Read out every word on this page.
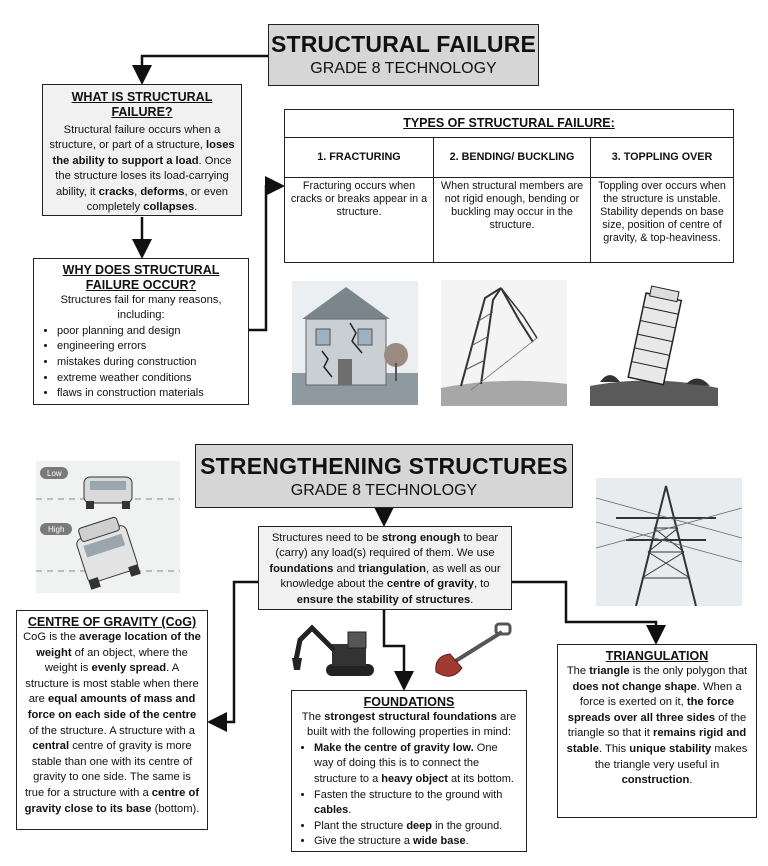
STRUCTURAL FAILURE
GRADE 8 TECHNOLOGY
WHAT IS STRUCTURAL FAILURE?
Structural failure occurs when a structure, or part of a structure, loses the ability to support a load. Once the structure loses its load-carrying ability, it cracks, deforms, or even completely collapses.
WHY DOES STRUCTURAL FAILURE OCCUR?
Structures fail for many reasons, including:
• poor planning and design
• engineering errors
• mistakes during construction
• extreme weather conditions
• flaws in construction materials
TYPES OF STRUCTURAL FAILURE:		
1. FRACTURING	2. BENDING/ BUCKLING	3. TOPPLING OVER
Fracturing occurs when cracks or breaks appear in a structure.	When structural members are not rigid enough, bending or buckling may occur in the structure.	Toppling over occurs when the structure is unstable. Stability depends on base size, position of centre of gravity, & top-heaviness.
STRENGTHENING STRUCTURES
GRADE 8 TECHNOLOGY
Low
High
Structures need to be strong enough to bear (carry) any load(s) required of them. We use foundations and triangulation, as well as our knowledge about the centre of gravity, to ensure the stability of structures.
CENTRE OF GRAVITY (CoG)
CoG is the average location of the weight of an object, where the weight is evenly spread. A structure is most stable when there are equal amounts of mass and force on each side of the centre of the structure. A structure with a central centre of gravity is more stable than one with its centre of gravity to one side. The same is true for a structure with a centre of gravity close to its base (bottom).
FOUNDATIONS
The strongest structural foundations are built with the following properties in mind:
• Make the centre of gravity low. One way of doing this is to connect the structure to a heavy object at its bottom.
• Fasten the structure to the ground with cables.
• Plant the structure deep in the ground.
• Give the structure a wide base.
TRIANGULATION
The triangle is the only polygon that does not change shape. When a force is exerted on it, the force spreads over all three sides of the triangle so that it remains rigid and stable. This unique stability makes the triangle very useful in construction.
